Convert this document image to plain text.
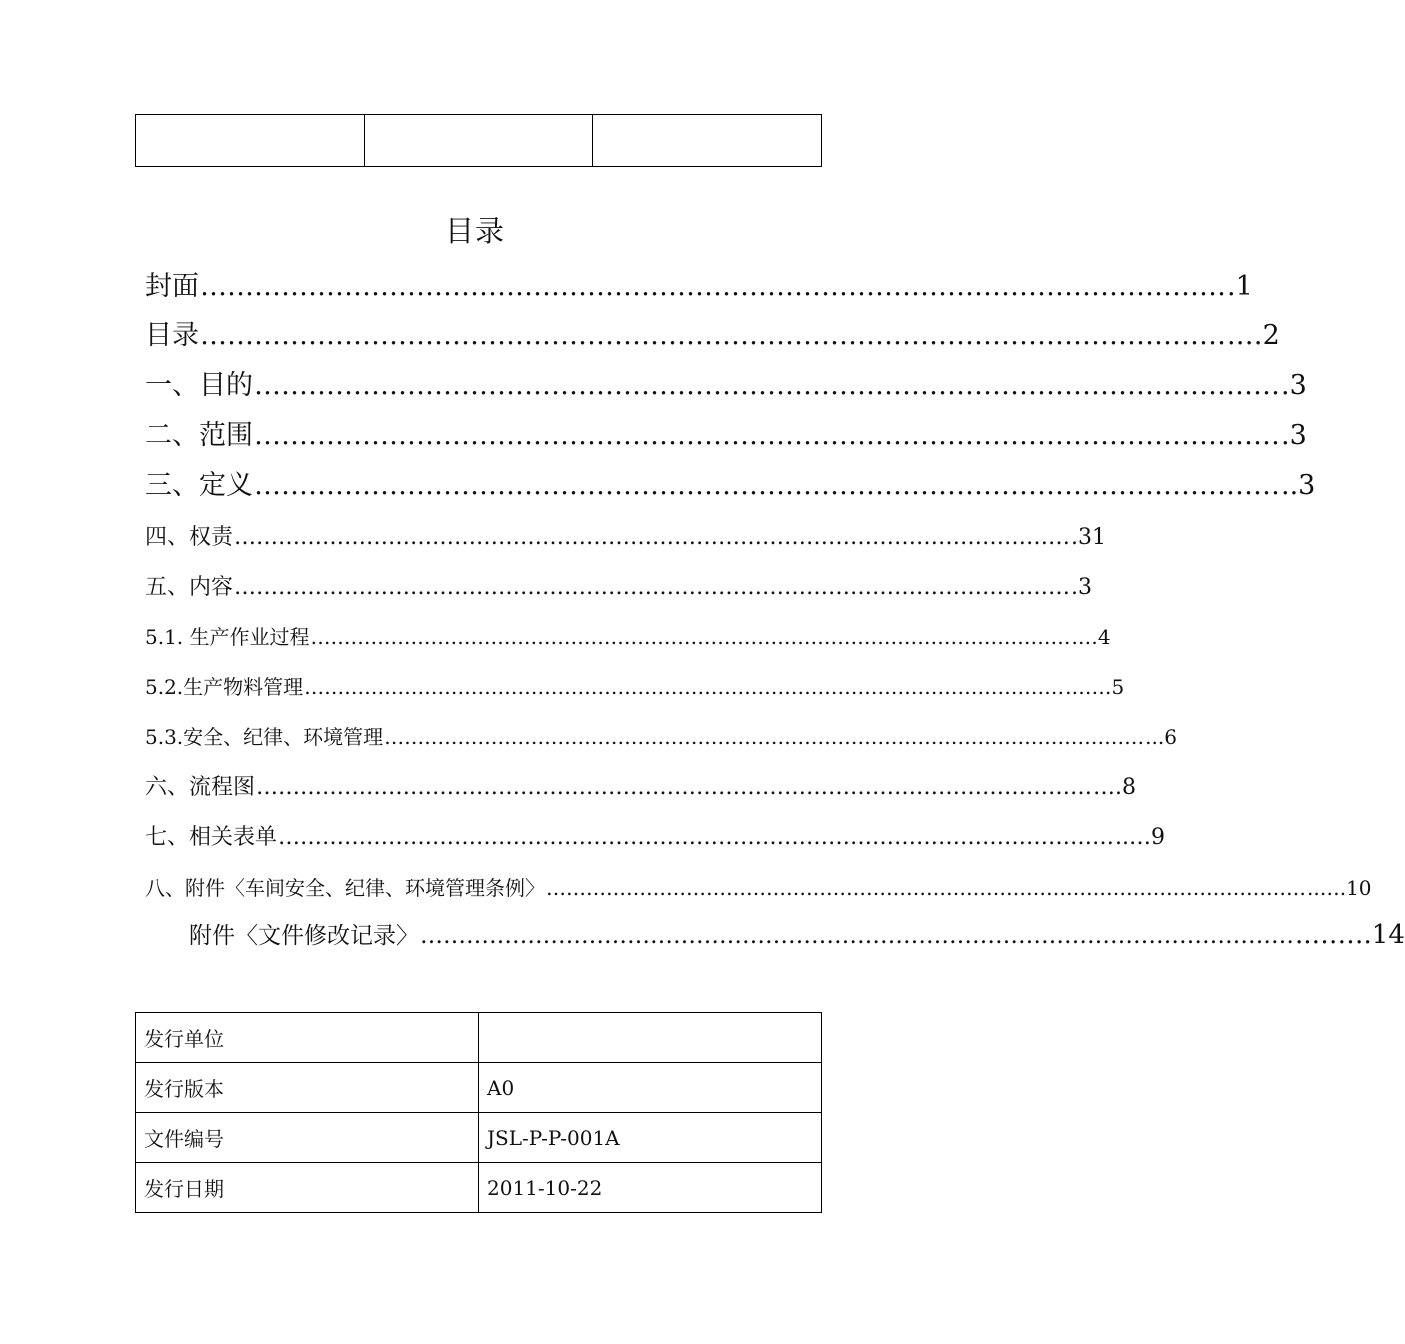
目录
封面 …………………………………………………………………………………………………… .1
目录 …………………………………………………………………………………………………… .…2
一、目的 …………………………………………………………………………………………………… .3
二、范围 …………………………………………………………………………………………………… .3
三、定义 …………………………………………………………………………………………………… ..3
四、权责 …………………………………………………………………………………………………… .31
五、内容 …………………………………………………………………………………………………… .3
5.1. 生产作业过程 …………………………………………………………………………………………………… .…4
5.2.生产物料管理 …………………………………………………………………………………………………… .……5
5.3.安全、纪律、环境管理 …………………………………………………………………………………………………… ...6
六、流程图 …………………………………………………………………………………………………… ….8
七、相关表单 …………………………………………………………………………………………………… ..…9
八、附件〈车间安全、纪律、环境管理条例〉 …………………………………………………………………………………………………… ..….10
附件〈文件修改记录〉 …………………………………………………………………………………………………… ..…….14
发行单位	
发行版本	A0
文件编号	JSL-P-P-001A
发行日期	2011-10-22
